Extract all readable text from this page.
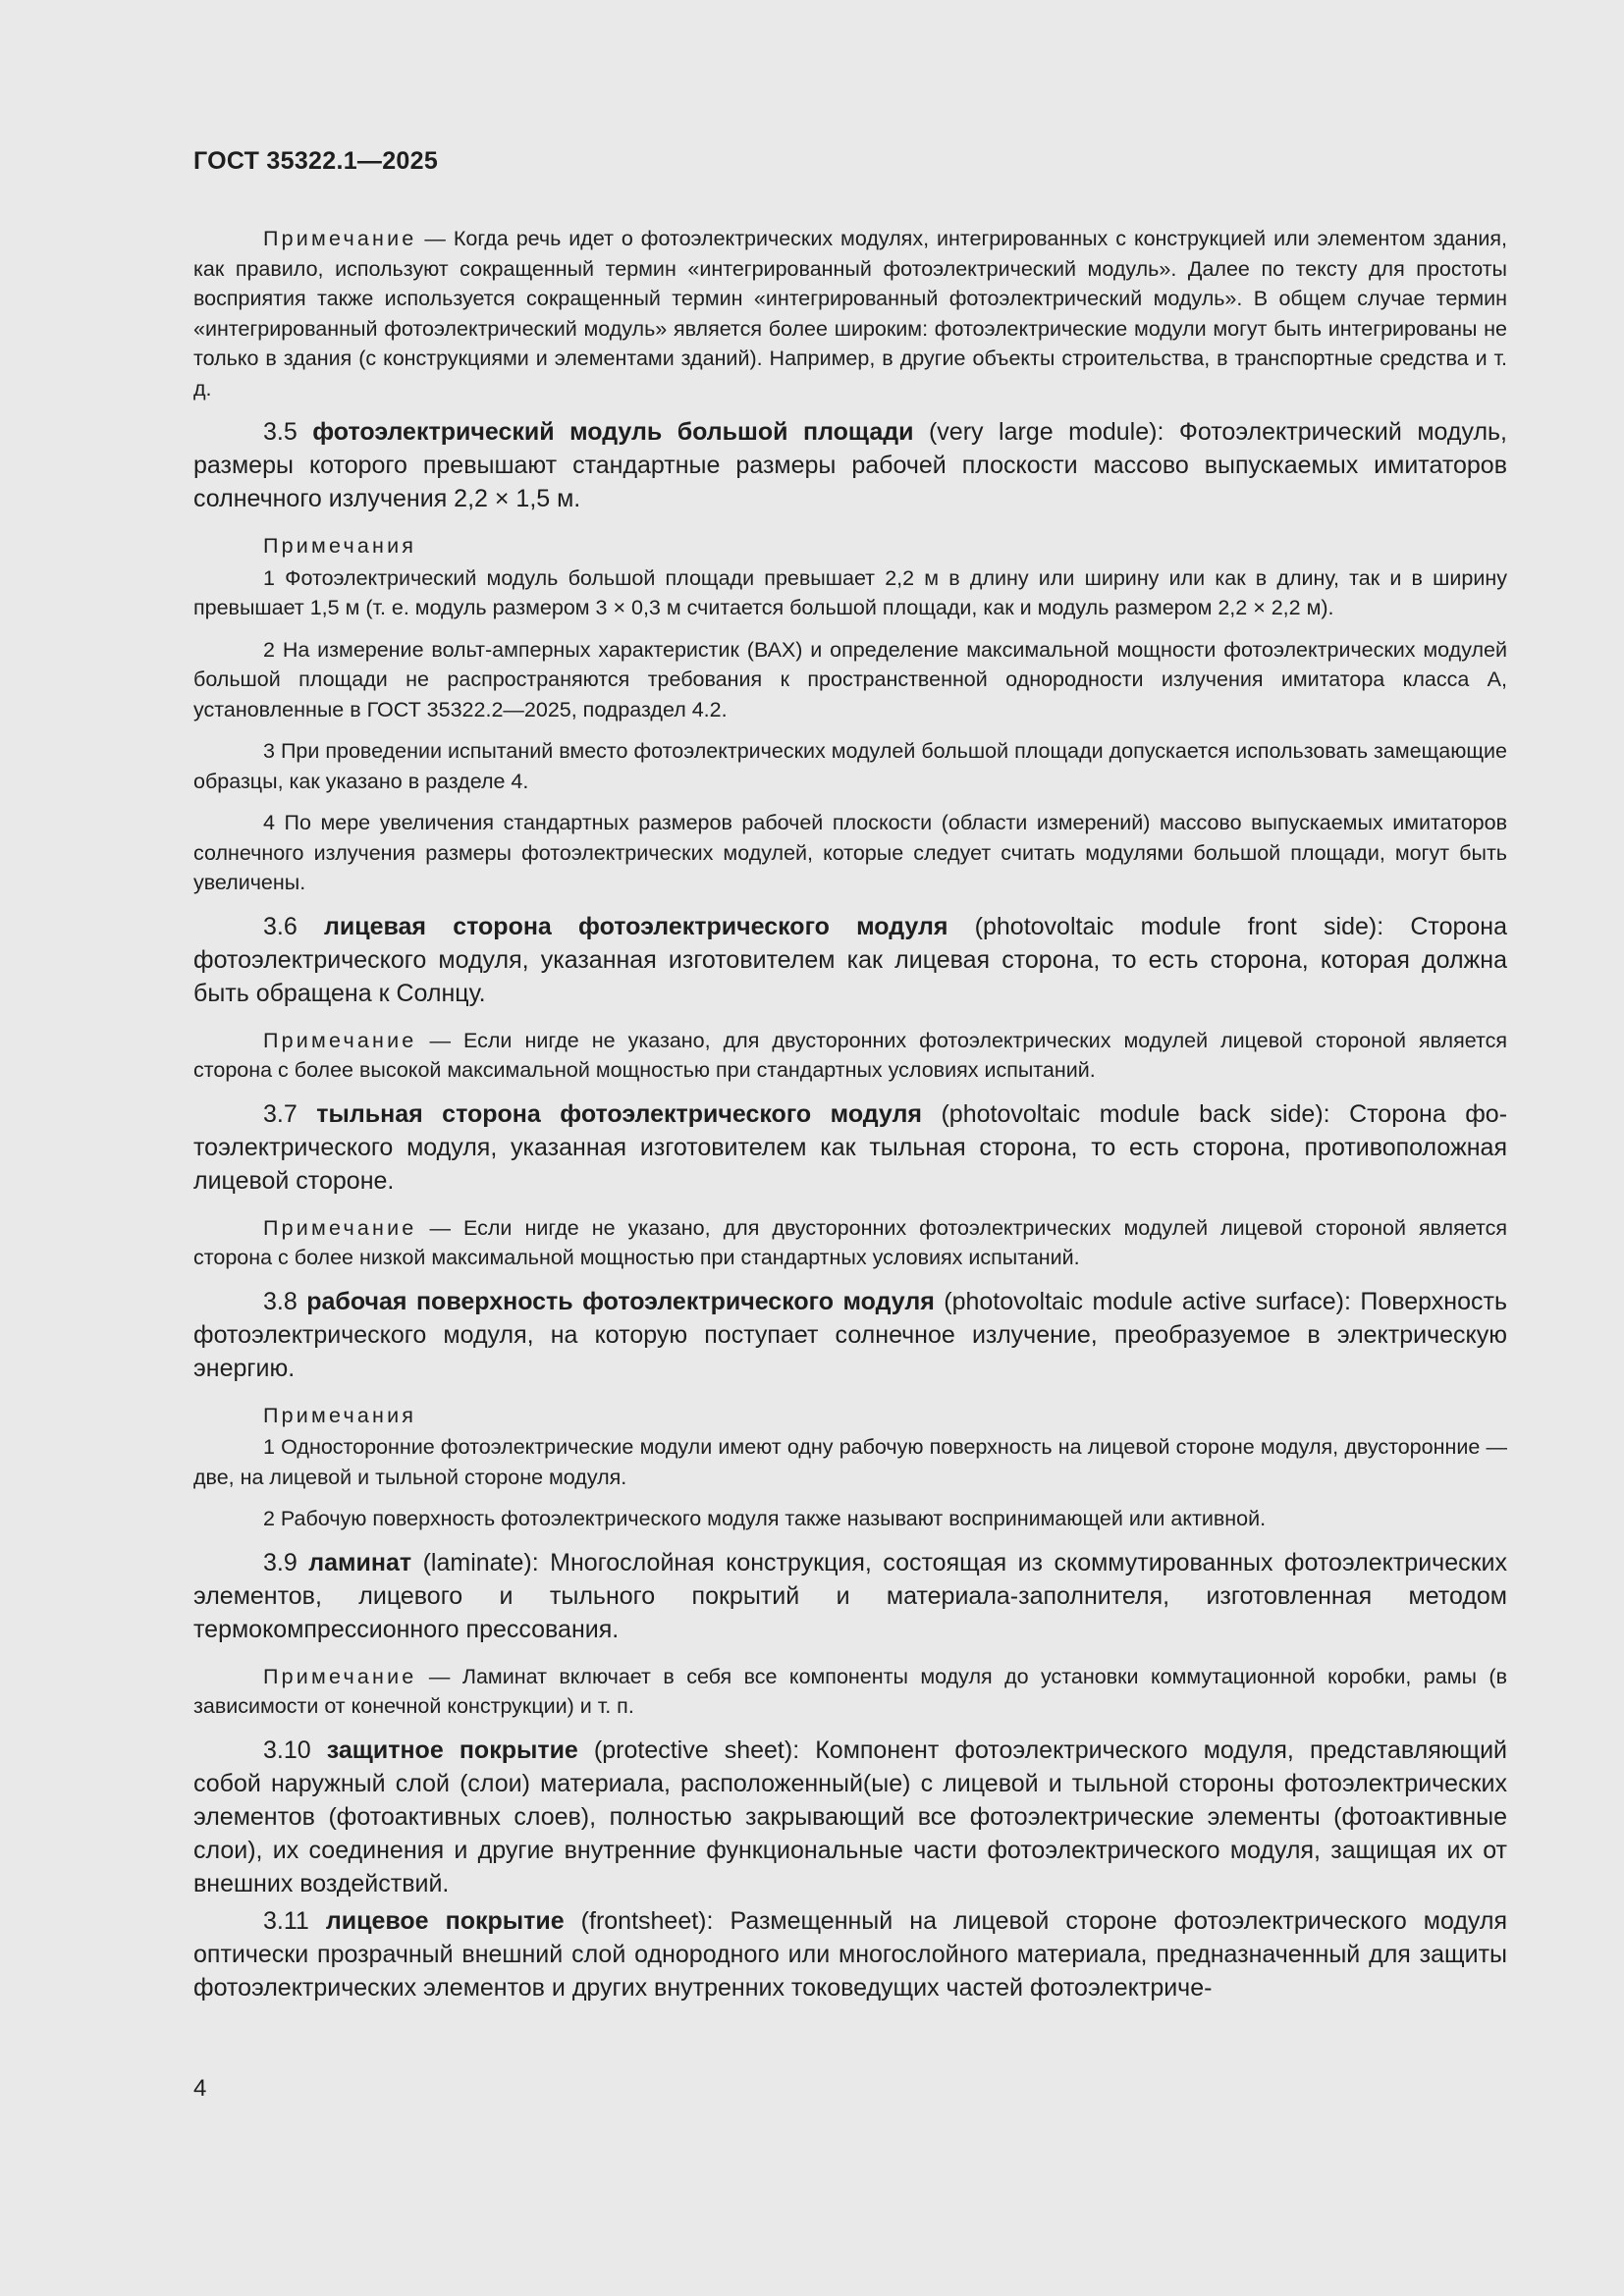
ГОСТ 35322.1—2025

Примечание — Когда речь идет о фотоэлектрических модулях, интегрированных с конструкцией или элементом здания, как правило, используют сокращенный термин «интегрированный фотоэлектрический модуль». Далее по тексту для простоты восприятия также используется сокращенный термин «интегрированный фотоэлектрический модуль». В общем случае термин «интегрированный фотоэлектрический модуль» является более широким: фотоэлектрические модули могут быть интегрированы не только в здания (с конструкциями и элементами зданий). Например, в другие объекты строительства, в транспортные средства и т. д.

3.5 фотоэлектрический модуль большой площади (very large module): Фотоэлектрический модуль, размеры которого превышают стандартные размеры рабочей плоскости массово выпускаемых имитаторов солнечного излучения 2,2 × 1,5 м.

Примечания

1 Фотоэлектрический модуль большой площади превышает 2,2 м в длину или ширину или как в длину, так и в ширину превышает 1,5 м (т. е. модуль размером 3 × 0,3 м считается большой площади, как и модуль размером 2,2 × 2,2 м).

2 На измерение вольт-амперных характеристик (ВАХ) и определение максимальной мощности фотоэлектрических модулей большой площади не распространяются требования к пространственной однородности излучения имитатора класса А, установленные в ГОСТ 35322.2—2025, подраздел 4.2.

3 При проведении испытаний вместо фотоэлектрических модулей большой площади допускается использовать замещающие образцы, как указано в разделе 4.

4 По мере увеличения стандартных размеров рабочей плоскости (области измерений) массово выпускаемых имитаторов солнечного излучения размеры фотоэлектрических модулей, которые следует считать модулями большой площади, могут быть увеличены.

3.6 лицевая сторона фотоэлектрического модуля (photovoltaic module front side): Сторона фотоэлектрического модуля, указанная изготовителем как лицевая сторона, то есть сторона, которая должна быть обращена к Солнцу.

Примечание — Если нигде не указано, для двусторонних фотоэлектрических модулей лицевой стороной является сторона с более высокой максимальной мощностью при стандартных условиях испытаний.

3.7 тыльная сторона фотоэлектрического модуля (photovoltaic module back side): Сторона фотоэлектрического модуля, указанная изготовителем как тыльная сторона, то есть сторона, противоположная лицевой стороне.

Примечание — Если нигде не указано, для двусторонних фотоэлектрических модулей лицевой стороной является сторона с более низкой максимальной мощностью при стандартных условиях испытаний.

3.8 рабочая поверхность фотоэлектрического модуля (photovoltaic module active surface): Поверхность фотоэлектрического модуля, на которую поступает солнечное излучение, преобразуемое в электрическую энергию.

Примечания

1 Односторонние фотоэлектрические модули имеют одну рабочую поверхность на лицевой стороне модуля, двусторонние — две, на лицевой и тыльной стороне модуля.

2 Рабочую поверхность фотоэлектрического модуля также называют воспринимающей или активной.

3.9 ламинат (laminate): Многослойная конструкция, состоящая из скоммутированных фотоэлектрических элементов, лицевого и тыльного покрытий и материала-заполнителя, изготовленная методом термокомпрессионного прессования.

Примечание — Ламинат включает в себя все компоненты модуля до установки коммутационной коробки, рамы (в зависимости от конечной конструкции) и т. п.

3.10 защитное покрытие (protective sheet): Компонент фотоэлектрического модуля, представляющий собой наружный слой (слои) материала, расположенный(ые) с лицевой и тыльной стороны фотоэлектрических элементов (фотоактивных слоев), полностью закрывающий все фотоэлектрические элементы (фотоактивные слои), их соединения и другие внутренние функциональные части фотоэлектрического модуля, защищая их от внешних воздействий.

3.11 лицевое покрытие (frontsheet): Размещенный на лицевой стороне фотоэлектрического модуля оптически прозрачный внешний слой однородного или многослойного материала, предназначенный для защиты фотоэлектрических элементов и других внутренних токоведущих частей фотоэлектриче-

4
